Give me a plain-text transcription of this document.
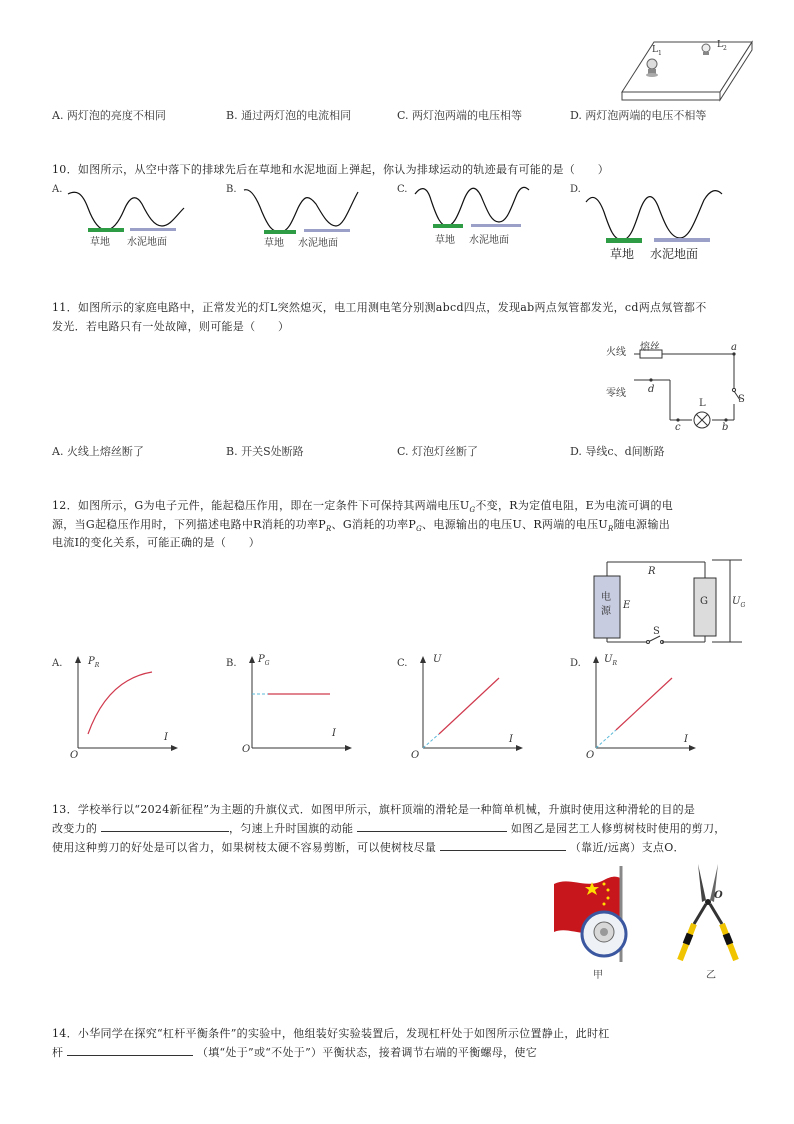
$L_1$
$L_2$
A. 两灯泡的亮度不相同	B. 通过两灯泡的电流相同	C. 两灯泡两端的电压相等	D. 两灯泡两端的电压不相等
10．如图所示，从空中落下的排球先后在草地和水泥地面上弹起，你认为排球运动的轨迹最有可能的是（　　）
A.
草地 水泥地面
B.
草地 水泥地面
C.
草地 水泥地面
D.
草地 水泥地面
11．如图所示的家庭电路中，正常发光的灯L突然熄灭，电工用测电笔分别测abcd四点，发现ab两点氖管都发光，cd两点氖管都不
发光．若电路只有一处故障，则可能是（　　）
火线 熔丝
零线
a
d
L	S
c	b
A. 火线上熔丝断了	B. 开关S处断路	C. 灯泡灯丝断了	D. 导线c、d间断路
12．如图所示，G为电子元件，能起稳压作用，即在一定条件下可保持其两端电压$U_G$不变，R为定值电阻，E为电流可调的电
源，当G起稳压作用时，下列描述电路中R消耗的功率$P_R$、G消耗的功率$P_G$、电源输出的电压U、R两端的电压$U_R$随电源输出
电流I的变化关系，可能正确的是（　　）
电
源
E
R
G
S
$U_G$
A.	$P_R$
I
O
B. $P_G$
I
O
C.	U
I
O
D. $U_R$
I
O
13．学校举行以“2024新征程”为主题的升旗仪式．如图甲所示，旗杆顶端的滑轮是一种简单机械，升旗时使用这种滑轮的目的是
改变力的	，匀速上升时国旗的动能	如图乙是园艺工人修剪树枝时使用的剪刀，
使用这种剪刀的好处是可以省力，如果树枝太硬不容易剪断，可以使树枝尽量	（靠近/远离）支点O．
甲
O
乙
14．小华同学在探究“杠杆平衡条件”的实验中，他组装好实验装置后，发现杠杆处于如图所示位置静止，此时杠
杆	（填“处于”或“不处于”）平衡状态，接着调节右端的平衡螺母，使它
